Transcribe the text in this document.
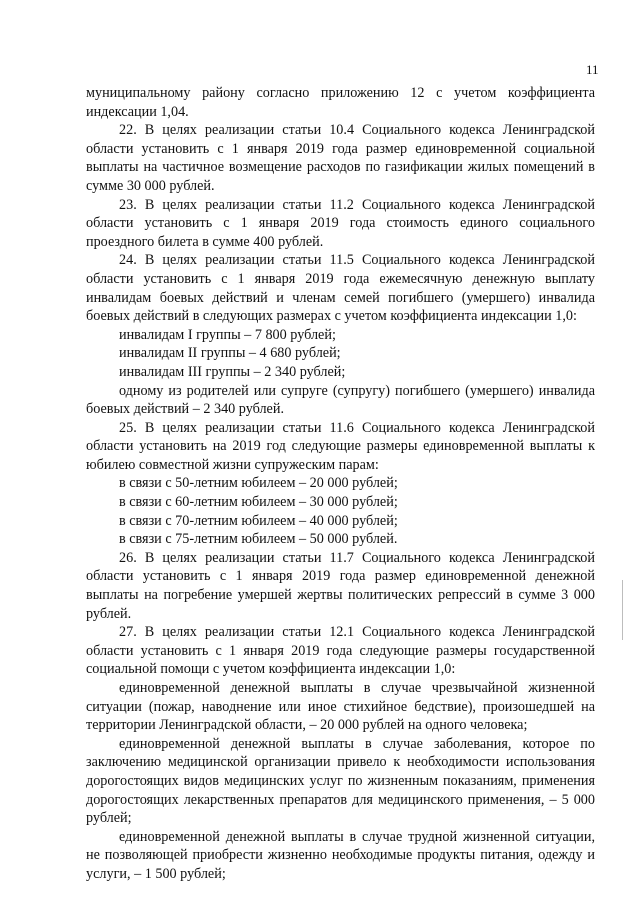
11

муниципальному району согласно приложению 12 с учетом коэффициента индексации 1,04.

22. В целях реализации статьи 10.4 Социального кодекса Ленинградской области установить с 1 января 2019 года размер единовременной социальной выплаты на частичное возмещение расходов по газификации жилых помещений в сумме 30 000 рублей.

23. В целях реализации статьи 11.2 Социального кодекса Ленинградской области установить с 1 января 2019 года стоимость единого социального проездного билета в сумме 400 рублей.

24. В целях реализации статьи 11.5 Социального кодекса Ленинградской области установить с 1 января 2019 года ежемесячную денежную выплату инвалидам боевых действий и членам семей погибшего (умершего) инвалида боевых действий в следующих размерах с учетом коэффициента индексации 1,0:

инвалидам I группы – 7 800 рублей;

инвалидам II группы – 4 680 рублей;

инвалидам III группы – 2 340 рублей;

одному из родителей или супруге (супругу) погибшего (умершего) инвалида боевых действий – 2 340 рублей.

25. В целях реализации статьи 11.6 Социального кодекса Ленинградской области установить на 2019 год следующие размеры единовременной выплаты к юбилею совместной жизни супружеским парам:

в связи с 50-летним юбилеем – 20 000 рублей;

в связи с 60-летним юбилеем – 30 000 рублей;

в связи с 70-летним юбилеем – 40 000 рублей;

в связи с 75-летним юбилеем – 50 000 рублей.

26. В целях реализации статьи 11.7 Социального кодекса Ленинградской области установить с 1 января 2019 года размер единовременной денежной выплаты на погребение умершей жертвы политических репрессий в сумме 3 000 рублей.

27. В целях реализации статьи 12.1 Социального кодекса Ленинградской области установить с 1 января 2019 года следующие размеры государственной социальной помощи с учетом коэффициента индексации 1,0:

единовременной денежной выплаты в случае чрезвычайной жизненной ситуации (пожар, наводнение или иное стихийное бедствие), произошедшей на территории Ленинградской области, – 20 000 рублей на одного человека;

единовременной денежной выплаты в случае заболевания, которое по заключению медицинской организации привело к необходимости использования дорогостоящих видов медицинских услуг по жизненным показаниям, применения дорогостоящих лекарственных препаратов для медицинского применения, – 5 000 рублей;

единовременной денежной выплаты в случае трудной жизненной ситуации, не позволяющей приобрести жизненно необходимые продукты питания, одежду и услуги, – 1 500 рублей;
